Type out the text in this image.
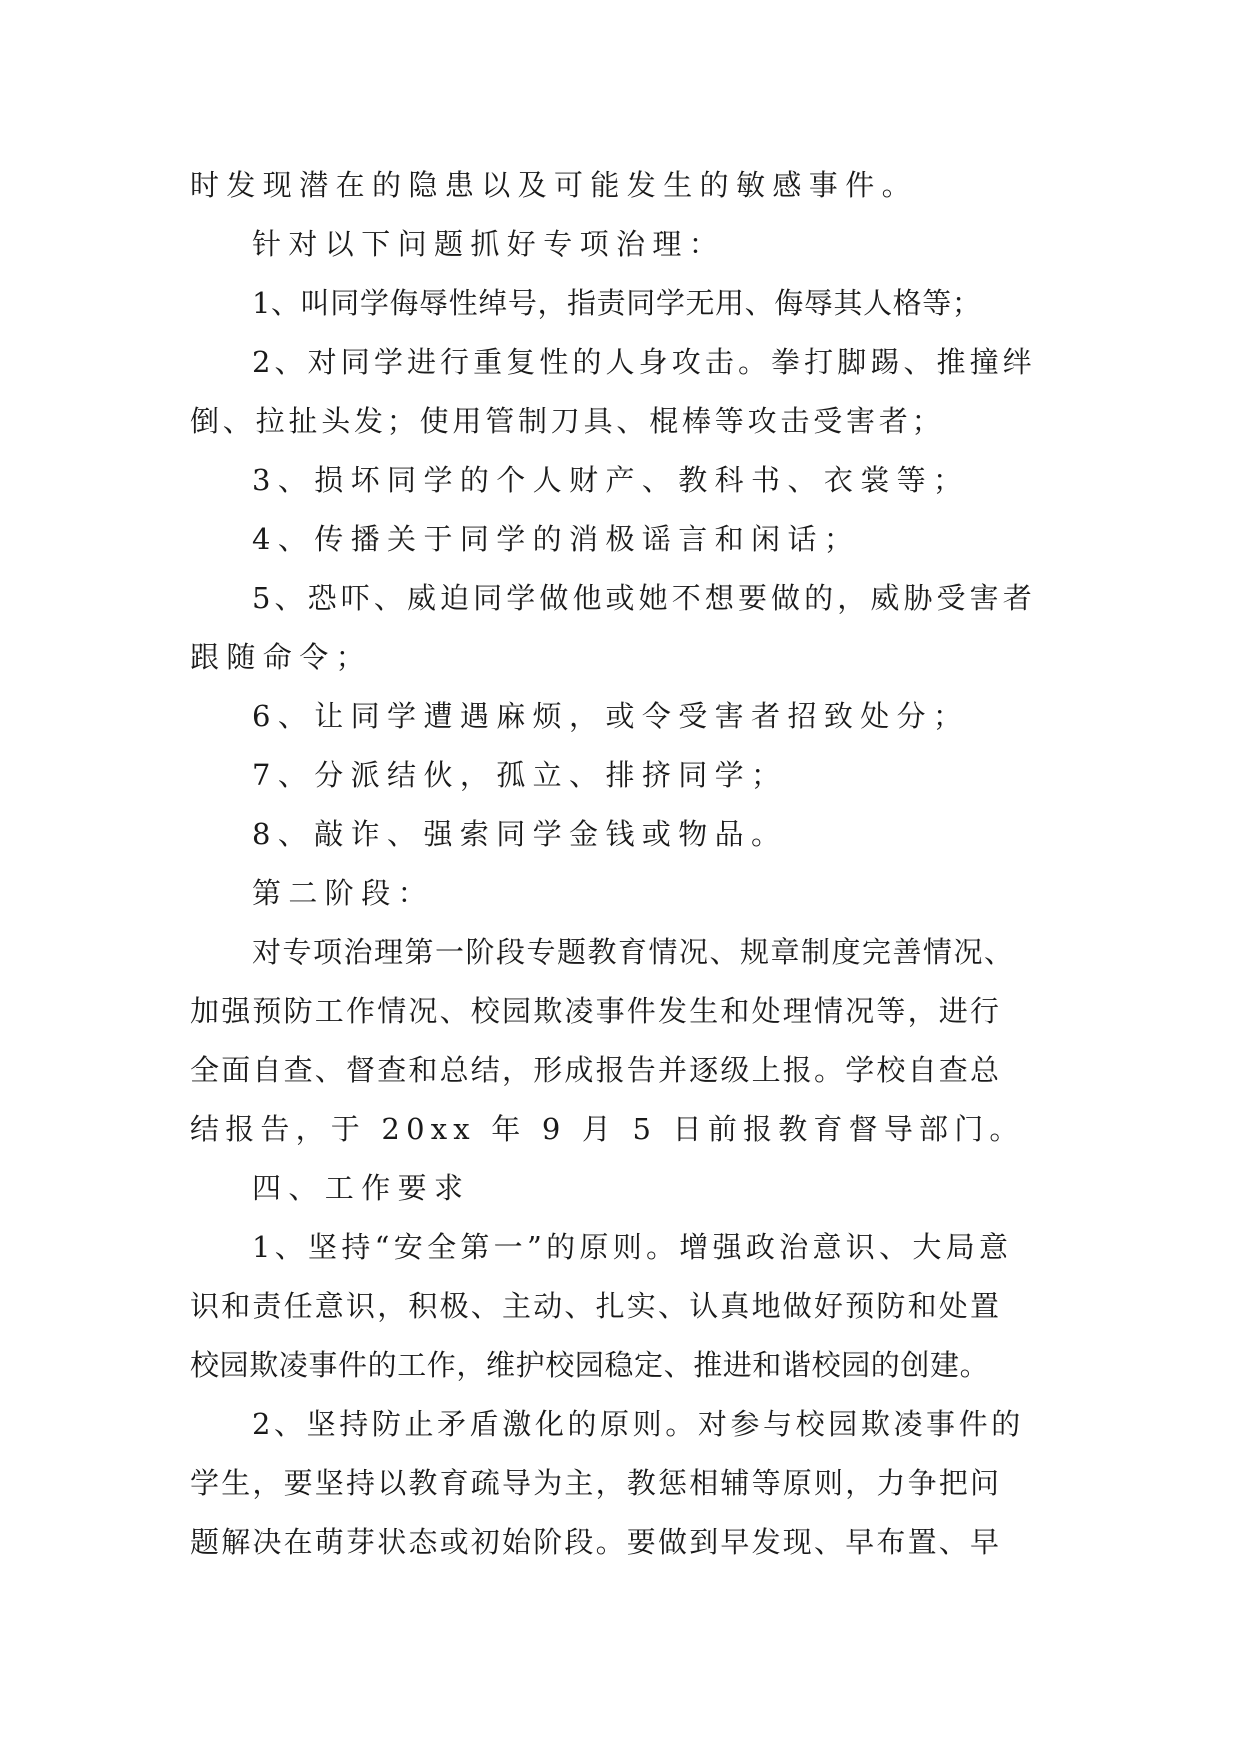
时发现潜在的隐患以及可能发生的敏感事件。

针对以下问题抓好专项治理：

1、叫同学侮辱性绰号，指责同学无用、侮辱其人格等；

2、对同学进行重复性的人身攻击。拳打脚踢、推撞绊

倒、拉扯头发；使用管制刀具、棍棒等攻击受害者；

3、损坏同学的个人财产、教科书、衣裳等；

4、传播关于同学的消极谣言和闲话；

5、恐吓、威迫同学做他或她不想要做的，威胁受害者

跟随命令；

6、让同学遭遇麻烦，或令受害者招致处分；

7、分派结伙，孤立、排挤同学；

8、敲诈、强索同学金钱或物品。

第二阶段：

对专项治理第一阶段专题教育情况、规章制度完善情况、

加强预防工作情况、校园欺凌事件发生和处理情况等，进行

全面自查、督查和总结，形成报告并逐级上报。学校自查总

结报告，于 20xx 年 9 月 5 日前报教育督导部门。

四、工作要求

1、坚持“安全第一”的原则。增强政治意识、大局意

识和责任意识，积极、主动、扎实、认真地做好预防和处置

校园欺凌事件的工作，维护校园稳定、推进和谐校园的创建。

2、坚持防止矛盾激化的原则。对参与校园欺凌事件的

学生，要坚持以教育疏导为主，教惩相辅等原则，力争把问

题解决在萌芽状态或初始阶段。要做到早发现、早布置、早
